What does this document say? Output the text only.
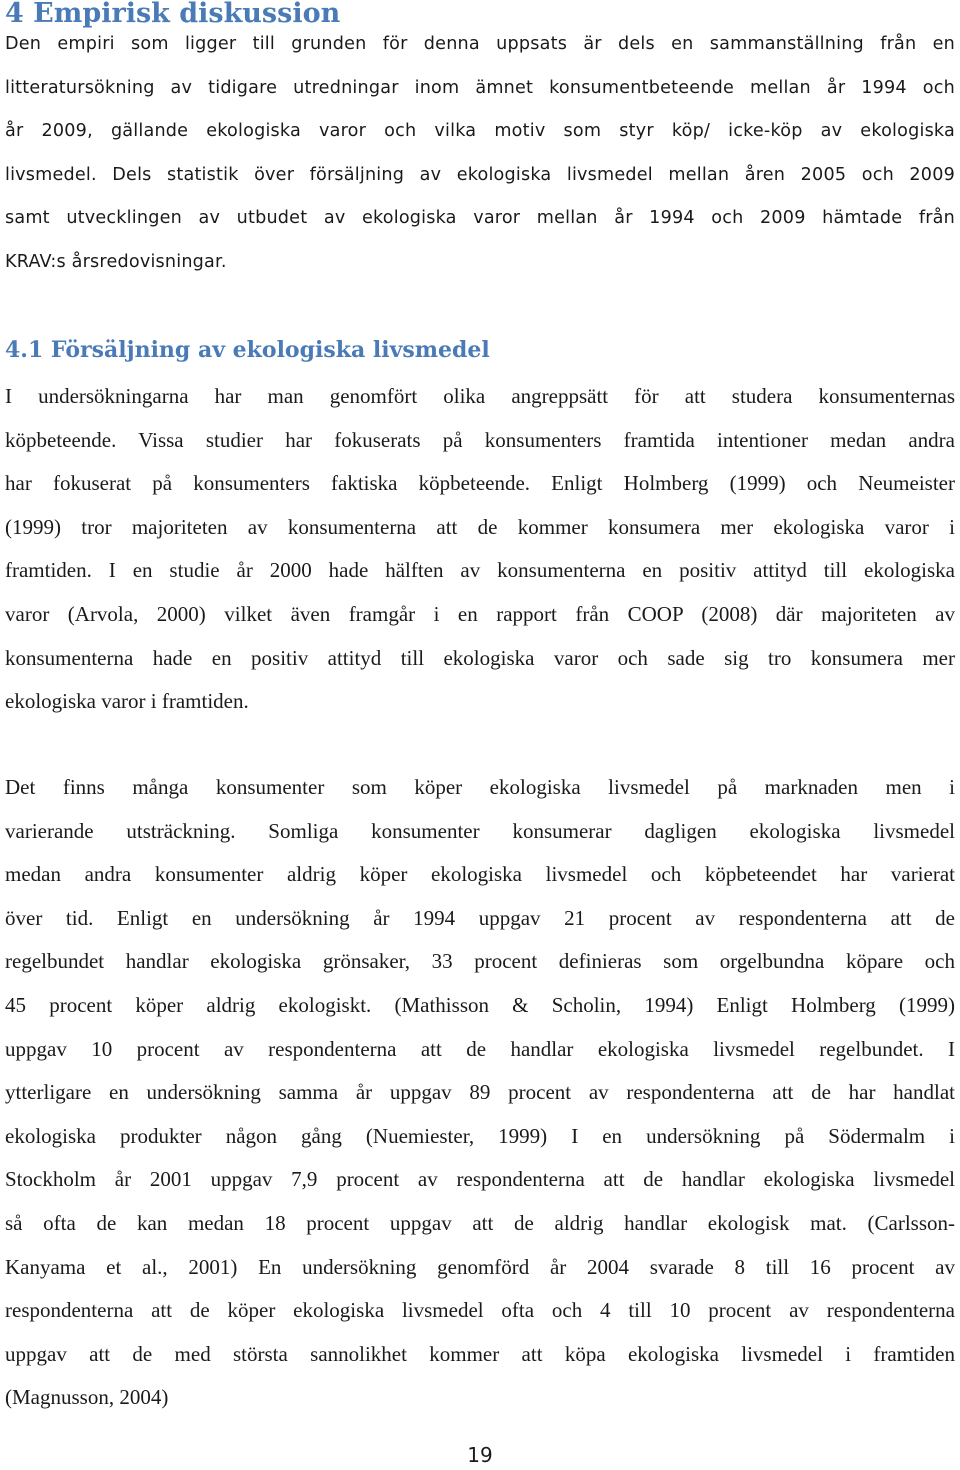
4 Empirisk diskussion
Den empiri som ligger till grunden för denna uppsats är dels en sammanställning från en
litteratursökning av tidigare utredningar inom ämnet konsumentbeteende mellan år 1994 och
år 2009, gällande ekologiska varor och vilka motiv som styr köp/ icke-köp av ekologiska
livsmedel. Dels statistik över försäljning av ekologiska livsmedel mellan åren 2005 och 2009
samt utvecklingen av utbudet av ekologiska varor mellan år 1994 och 2009 hämtade från
KRAV:s årsredovisningar.
4.1 Försäljning av ekologiska livsmedel
I undersökningarna har man genomfört olika angreppsätt för att studera konsumenternas
köpbeteende. Vissa studier har fokuserats på konsumenters framtida intentioner medan andra
har fokuserat på konsumenters faktiska köpbeteende. Enligt Holmberg (1999) och Neumeister
(1999) tror majoriteten av konsumenterna att de kommer konsumera mer ekologiska varor i
framtiden. I en studie år 2000 hade hälften av konsumenterna en positiv attityd till ekologiska
varor (Arvola, 2000) vilket även framgår i en rapport från COOP (2008) där majoriteten av
konsumenterna hade en positiv attityd till ekologiska varor och sade sig tro konsumera mer
ekologiska varor i framtiden.
Det finns många konsumenter som köper ekologiska livsmedel på marknaden men i
varierande utsträckning. Somliga konsumenter konsumerar dagligen ekologiska livsmedel
medan andra konsumenter aldrig köper ekologiska livsmedel och köpbeteendet har varierat
över tid. Enligt en undersökning år 1994 uppgav 21 procent av respondenterna att de
regelbundet handlar ekologiska grönsaker, 33 procent definieras som orgelbundna köpare och
45 procent köper aldrig ekologiskt. (Mathisson & Scholin, 1994) Enligt Holmberg (1999)
uppgav 10 procent av respondenterna att de handlar ekologiska livsmedel regelbundet. I
ytterligare en undersökning samma år uppgav 89 procent av respondenterna att de har handlat
ekologiska produkter någon gång (Nuemiester, 1999) I en undersökning på Södermalm i
Stockholm år 2001 uppgav 7,9 procent av respondenterna att de handlar ekologiska livsmedel
så ofta de kan medan 18 procent uppgav att de aldrig handlar ekologisk mat. (Carlsson-
Kanyama et al., 2001) En undersökning genomförd år 2004 svarade 8 till 16 procent av
respondenterna att de köper ekologiska livsmedel ofta och 4 till 10 procent av respondenterna
uppgav att de med största sannolikhet kommer att köpa ekologiska livsmedel i framtiden
(Magnusson, 2004)
19
